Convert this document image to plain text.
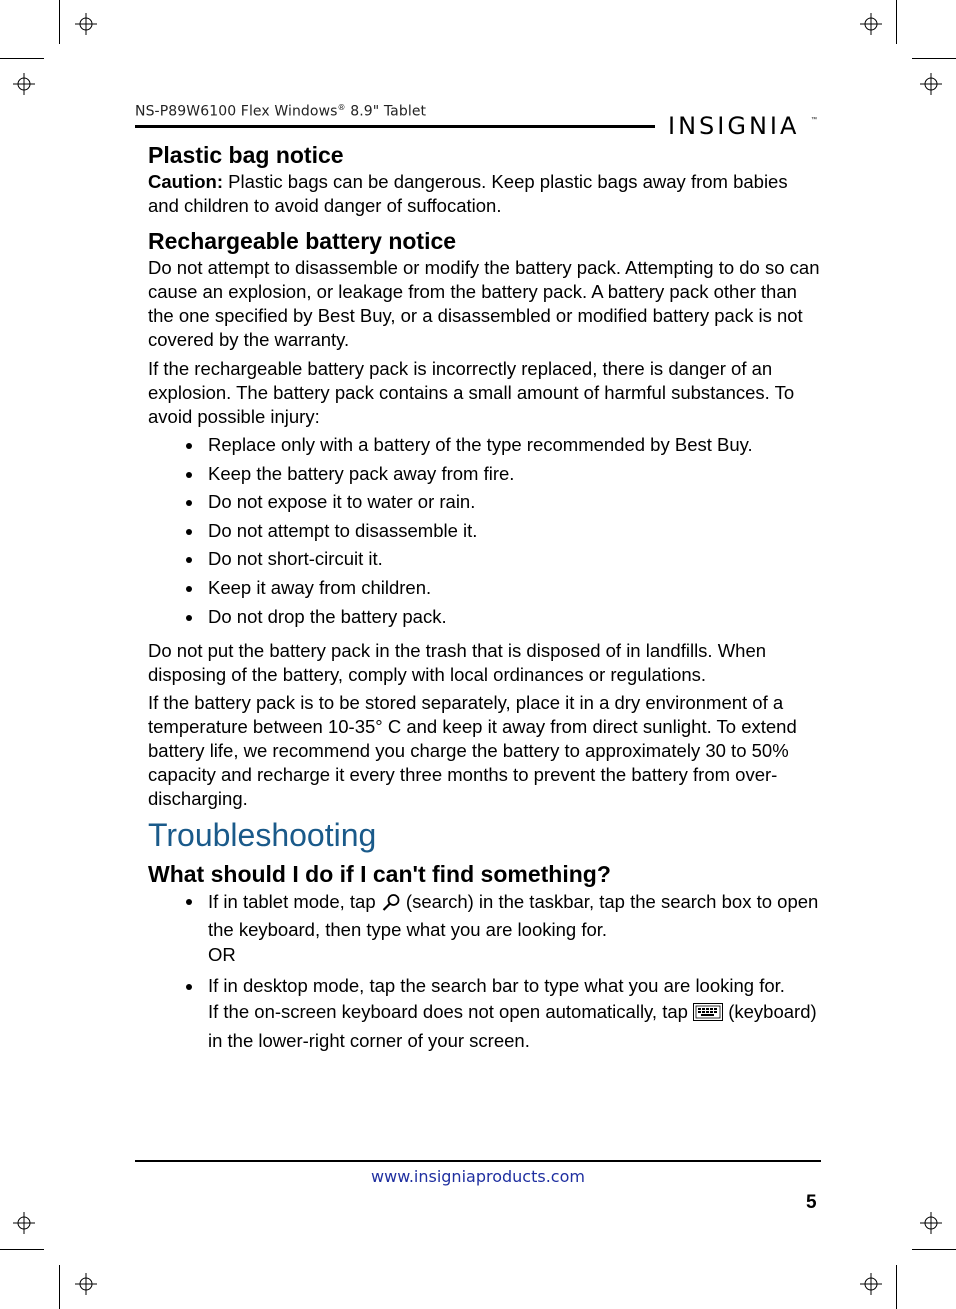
NS-P89W6100 Flex Windows® 8.9" Tablet
INSIGNIA ™
Plastic bag notice

Caution: Plastic bags can be dangerous. Keep plastic bags away from babies and children to avoid danger of suffocation.

Rechargeable battery notice

Do not attempt to disassemble or modify the battery pack. Attempting to do so can cause an explosion, or leakage from the battery pack. A battery pack other than the one specified by Best Buy, or a disassembled or modified battery pack is not covered by the warranty.

If the rechargeable battery pack is incorrectly replaced, there is danger of an explosion. The battery pack contains a small amount of harmful substances. To avoid possible injury:

Replace only with a battery of the type recommended by Best Buy.
Keep the battery pack away from fire.
Do not expose it to water or rain.
Do not attempt to disassemble it.
Do not short-circuit it.
Keep it away from children.
Do not drop the battery pack.

Do not put the battery pack in the trash that is disposed of in landfills. When disposing of the battery, comply with local ordinances or regulations.

If the battery pack is to be stored separately, place it in a dry environment of a temperature between 10-35° C and keep it away from direct sunlight. To extend battery life, we recommend you charge the battery to approximately 30 to 50% capacity and recharge it every three months to prevent the battery from over-discharging.

Troubleshooting
What should I do if I can't find something?
If in tablet mode, tap  (search) in the taskbar, tap the search box to open the keyboard, then type what you are looking for.
OR
If in desktop mode, tap the search bar to type what you are looking for.
If the on-screen keyboard does not open automatically, tap  (keyboard) in the lower-right corner of your screen.
www.insigniaproducts.com
5
